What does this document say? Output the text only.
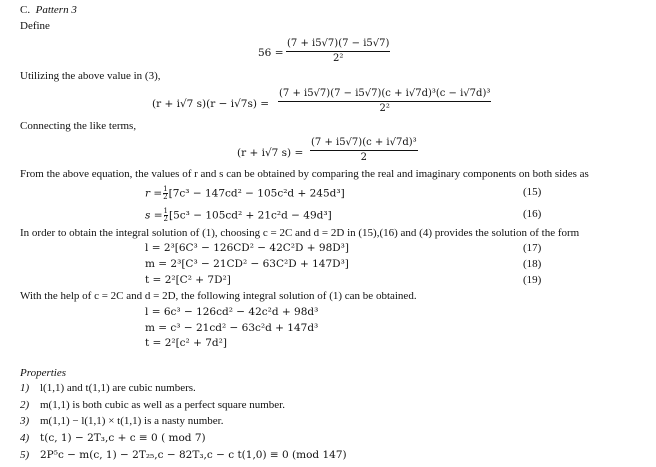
C. Pattern 3
Define
$56 = \frac{(7 + i5√7)(7 - i5√7)}{\text{2²}}$
Utilizing the above value in (3),
(r + i√7 $s)(r - i√7s) = \frac{\text{(7 + i5√7)(7 − i5√7)(c + i√7d)³(c − i√7d)³}}{\text{2²}}$
Connecting the like terms,
(r + i√7 $s) = \frac{\text{(7 + i5√7)(c + i√7d)³}}{2}$
From the above equation, the values of r and s can be obtained by comparing the real and imaginary components on both sides as
$r = \frac{1}{2} [7c^3 - 147cd^2 - 105c^2d + 245d^3]$	(15)
$s = \frac{1}{2} [5c^3 - 105cd^2 + 21c^2d - 49d^3]$	(16)
In order to obtain the integral solution of (1), choosing c = 2C and d = 2D in (15),(16) and (4) provides the solution of the form
l = 2³[6C³ − 126CD² − 42C²D + 98D³]	(17)
m = 2³[C³ − 21CD² − 63C²D + 147D³]	(18)
t = 2²[C² + 7D²]	(19)
With the help of c = 2C and d = 2D, the following integral solution of (1) can be obtained.
l = 6c³ − 126cd² − 42c²d + 98d³
m = c³ − 21cd² − 63c²d + 147d³
t = 2²[c² + 7d²]
Properties
1) l(1,1) and t(1,1) are cubic numbers.
2) m(1,1) is both cubic as well as a perfect square number.
3) m(1,1) − l(1,1) × t(1,1) is a nasty number.
4) t(c, 1) − 2T₃,c + c ≡ 0 ( mod 7)
5) 2P⁵c − m(c, 1) − 2T₂₅,c − 82T₃,c − c t(1,0) ≡ 0 (mod 147)
